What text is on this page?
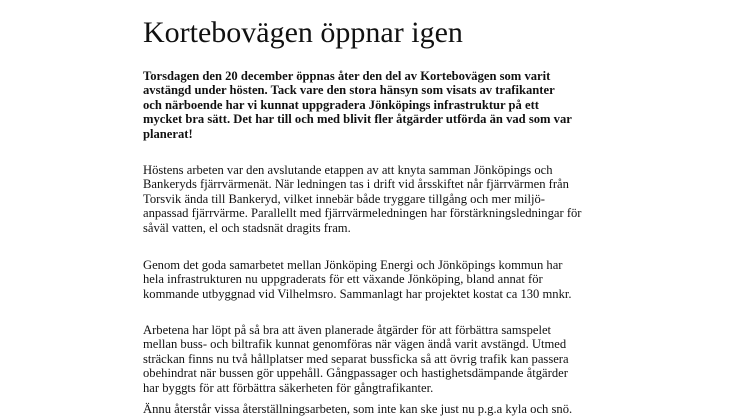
Kortebovägen öppnar igen

Torsdagen den 20 december öppnas åter den del av Kortebovägen som varit
avstängd under hösten. Tack vare den stora hänsyn som visats av trafikanter
och närboende har vi kunnat uppgradera Jönköpings infrastruktur på ett
mycket bra sätt. Det har till och med blivit fler åtgärder utförda än vad som var
planerat!

Höstens arbeten var den avslutande etappen av att knyta samman Jönköpings och
Bankeryds fjärrvärmenät. När ledningen tas i drift vid årsskiftet når fjärrvärmen från
Torsvik ända till Bankeryd, vilket innebär både tryggare tillgång och mer miljö-
anpassad fjärrvärme. Parallellt med fjärrvärmeledningen har förstärkningsledningar för
såväl vatten, el och stadsnät dragits fram.

Genom det goda samarbetet mellan Jönköping Energi och Jönköpings kommun har
hela infrastrukturen nu uppgraderats för ett växande Jönköping, bland annat för
kommande utbyggnad vid Vilhelmsro. Sammanlagt har projektet kostat ca 130 mnkr.

Arbetena har löpt på så bra att även planerade åtgärder för att förbättra samspelet
mellan buss- och biltrafik kunnat genomföras när vägen ändå varit avstängd. Utmed
sträckan finns nu två hållplatser med separat bussficka så att övrig trafik kan passera
obehindrat när bussen gör uppehåll. Gångpassager och hastighetsdämpande åtgärder
har byggts för att förbättra säkerheten för gångtrafikanter.

Ännu återstår vissa återställningsarbeten, som inte kan ske just nu p.g.a kyla och snö.
